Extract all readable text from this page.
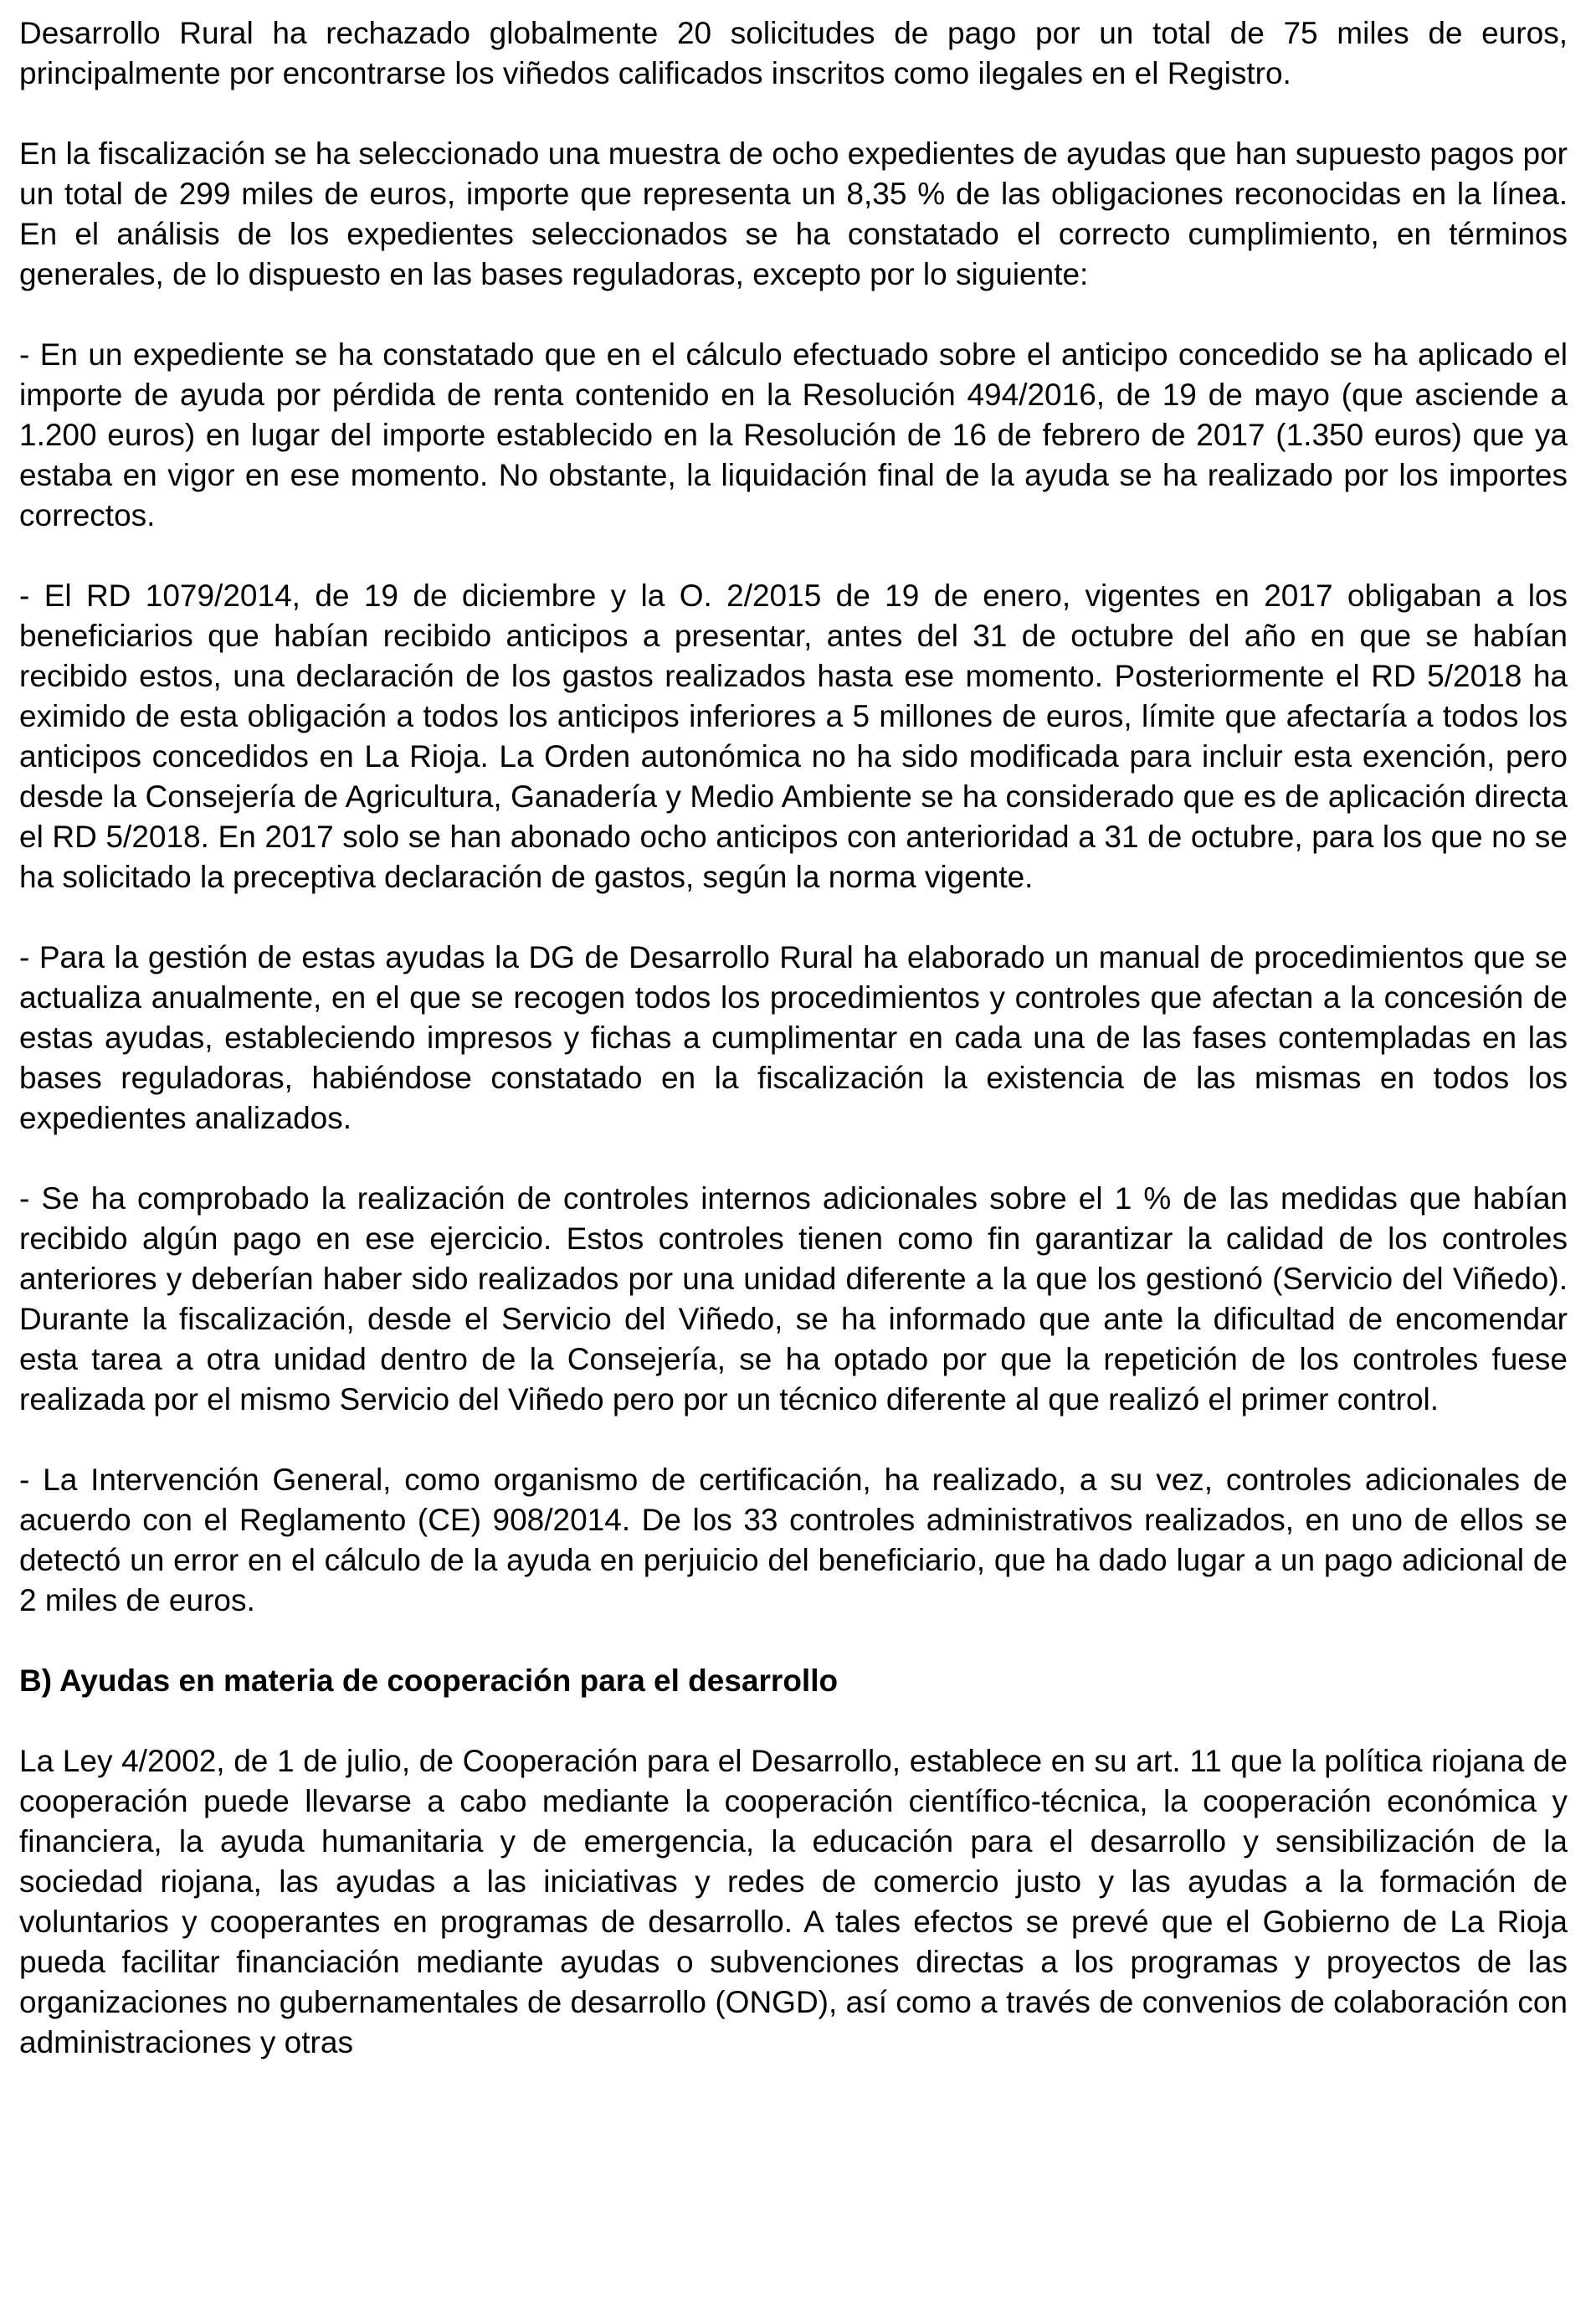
Desarrollo Rural ha rechazado globalmente 20 solicitudes de pago por un total de 75 miles de euros, principalmente por encontrarse los viñedos calificados inscritos como ilegales en el Registro.

En la fiscalización se ha seleccionado una muestra de ocho expedientes de ayudas que han supuesto pagos por un total de 299 miles de euros, importe que representa un 8,35 % de las obligaciones reconocidas en la línea. En el análisis de los expedientes seleccionados se ha constatado el correcto cumplimiento, en términos generales, de lo dispuesto en las bases reguladoras, excepto por lo siguiente:

- En un expediente se ha constatado que en el cálculo efectuado sobre el anticipo concedido se ha aplicado el importe de ayuda por pérdida de renta contenido en la Resolución 494/2016, de 19 de mayo (que asciende a 1.200 euros) en lugar del importe establecido en la Resolución de 16 de febrero de 2017 (1.350 euros) que ya estaba en vigor en ese momento. No obstante, la liquidación final de la ayuda se ha realizado por los importes correctos.

- El RD 1079/2014, de 19 de diciembre y la O. 2/2015 de 19 de enero, vigentes en 2017 obligaban a los beneficiarios que habían recibido anticipos a presentar, antes del 31 de octubre del año en que se habían recibido estos, una declaración de los gastos realizados hasta ese momento. Posteriormente el RD 5/2018 ha eximido de esta obligación a todos los anticipos inferiores a 5 millones de euros, límite que afectaría a todos los anticipos concedidos en La Rioja. La Orden autonómica no ha sido modificada para incluir esta exención, pero desde la Consejería de Agricultura, Ganadería y Medio Ambiente se ha considerado que es de aplicación directa el RD 5/2018. En 2017 solo se han abonado ocho anticipos con anterioridad a 31 de octubre, para los que no se ha solicitado la preceptiva declaración de gastos, según la norma vigente.

- Para la gestión de estas ayudas la DG de Desarrollo Rural ha elaborado un manual de procedimientos que se actualiza anualmente, en el que se recogen todos los procedimientos y controles que afectan a la concesión de estas ayudas, estableciendo impresos y fichas a cumplimentar en cada una de las fases contempladas en las bases reguladoras, habiéndose constatado en la fiscalización la existencia de las mismas en todos los expedientes analizados.

- Se ha comprobado la realización de controles internos adicionales sobre el 1 % de las medidas que habían recibido algún pago en ese ejercicio. Estos controles tienen como fin garantizar la calidad de los controles anteriores y deberían haber sido realizados por una unidad diferente a la que los gestionó (Servicio del Viñedo). Durante la fiscalización, desde el Servicio del Viñedo, se ha informado que ante la dificultad de encomendar esta tarea a otra unidad dentro de la Consejería, se ha optado por que la repetición de los controles fuese realizada por el mismo Servicio del Viñedo pero por un técnico diferente al que realizó el primer control.

- La Intervención General, como organismo de certificación, ha realizado, a su vez, controles adicionales de acuerdo con el Reglamento (CE) 908/2014. De los 33 controles administrativos realizados, en uno de ellos se detectó un error en el cálculo de la ayuda en perjuicio del beneficiario, que ha dado lugar a un pago adicional de 2 miles de euros.

B) Ayudas en materia de cooperación para el desarrollo

La Ley 4/2002, de 1 de julio, de Cooperación para el Desarrollo, establece en su art. 11 que la política riojana de cooperación puede llevarse a cabo mediante la cooperación científico-técnica, la cooperación económica y financiera, la ayuda humanitaria y de emergencia, la educación para el desarrollo y sensibilización de la sociedad riojana, las ayudas a las iniciativas y redes de comercio justo y las ayudas a la formación de voluntarios y cooperantes en programas de desarrollo. A tales efectos se prevé que el Gobierno de La Rioja pueda facilitar financiación mediante ayudas o subvenciones directas a los programas y proyectos de las organizaciones no gubernamentales de desarrollo (ONGD), así como a través de convenios de colaboración con administraciones y otras
